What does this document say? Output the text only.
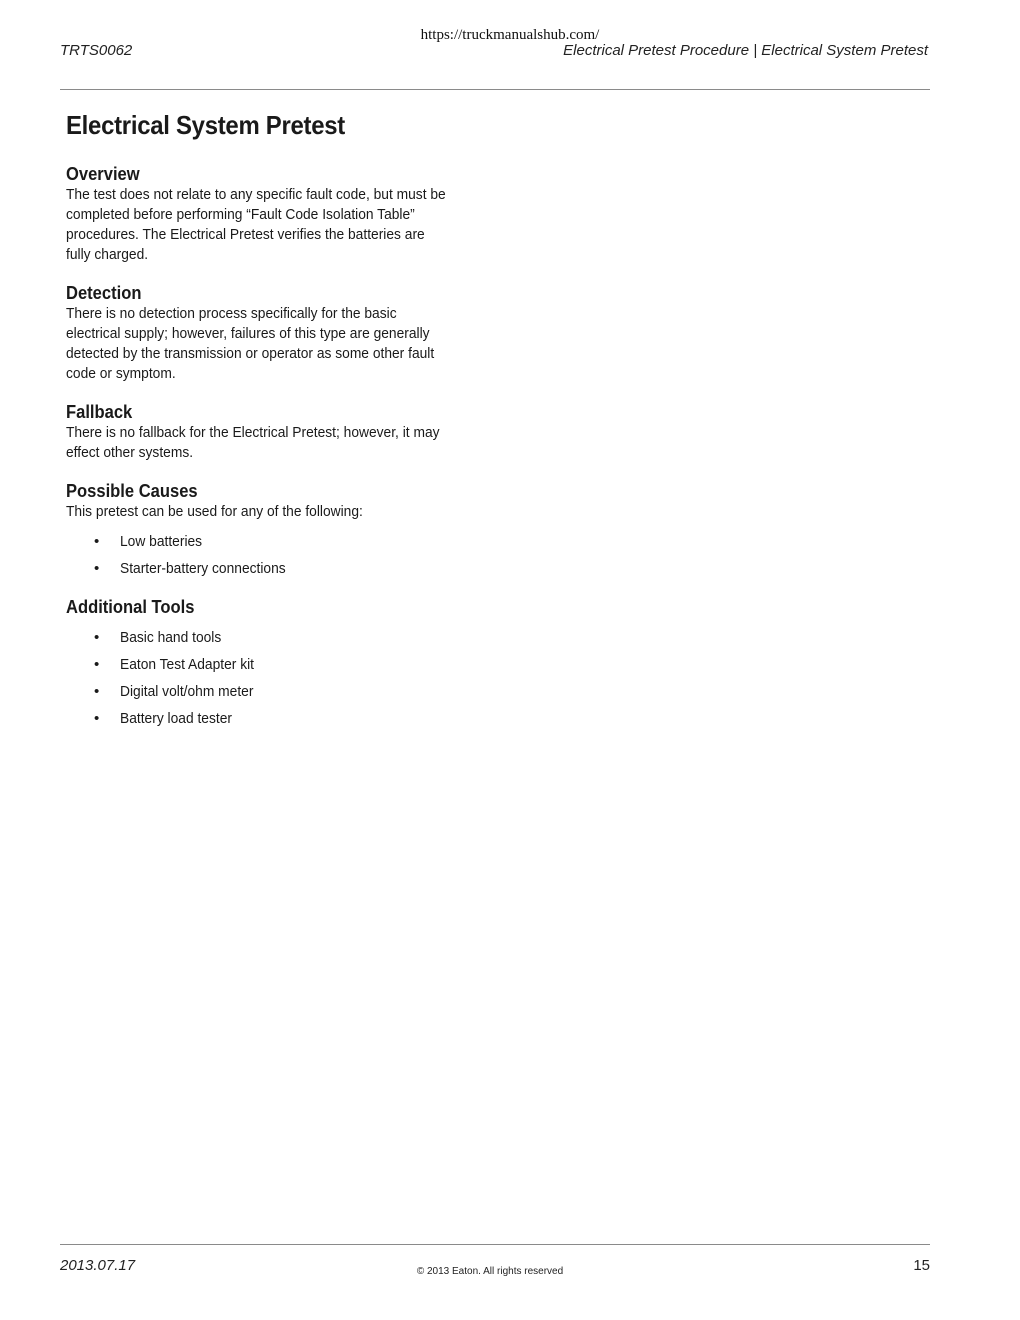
https://truckmanualshub.com/
TRTS0062	Electrical Pretest Procedure | Electrical System Pretest
Electrical System Pretest
Overview

The test does not relate to any specific fault code, but must be completed before performing “Fault Code Isolation Table” procedures. The Electrical Pretest verifies the batteries are fully charged.

Detection

There is no detection process specifically for the basic electrical supply; however, failures of this type are generally detected by the transmission or operator as some other fault code or symptom.

Fallback

There is no fallback for the Electrical Pretest; however, it may effect other systems.

Possible Causes

This pretest can be used for any of the following:

• Low batteries
• Starter-battery connections
Additional Tools
• Basic hand tools
• Eaton Test Adapter kit
• Digital volt/ohm meter
• Battery load tester
2013.07.17	© 2013 Eaton. All rights reserved	15
